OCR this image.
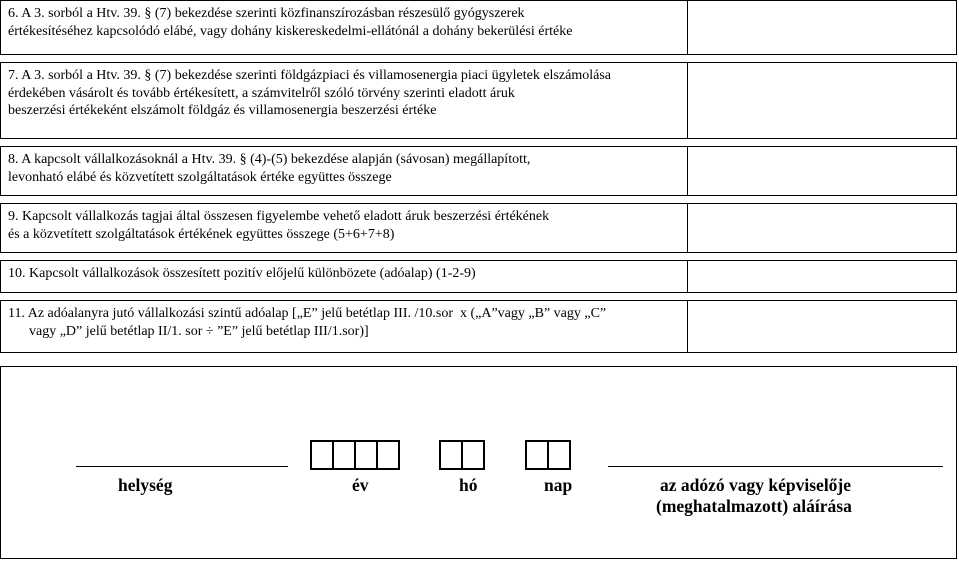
6. A 3. sorból a Htv. 39. § (7) bekezdése szerinti közfinanszírozásban részesülő gyógyszerek
értékesítéséhez kapcsolódó elábé, vagy dohány kiskereskedelmi-ellátónál a dohány bekerülési értéke
7. A 3. sorból a Htv. 39. § (7) bekezdése szerinti földgázpiaci és villamosenergia piaci ügyletek elszámolása
érdekében vásárolt és tovább értékesített, a számvitelről szóló törvény szerinti eladott áruk
beszerzési értékeként elszámolt földgáz és villamosenergia beszerzési értéke
8. A kapcsolt vállalkozásoknál a Htv. 39. § (4)-(5) bekezdése alapján (sávosan) megállapított,
levonható elábé és közvetített szolgáltatások értéke együttes összege
9. Kapcsolt vállalkozás tagjai által összesen figyelembe vehető eladott áruk beszerzési értékének
és a közvetített szolgáltatások értékének együttes összege (5+6+7+8)
10. Kapcsolt vállalkozások összesített pozitív előjelű különbözete (adóalap) (1-2-9)
11. Az adóalanyra jutó vállalkozási szintű adóalap [„E” jelű betétlap III. /10.sor  x („A”vagy „B” vagy „C”
vagy „D” jelű betétlap II/1. sor ÷ ”E” jelű betétlap III/1.sor)]
helység	év	hó	nap	az adózó vagy képviselője
(meghatalmazott) aláírása
